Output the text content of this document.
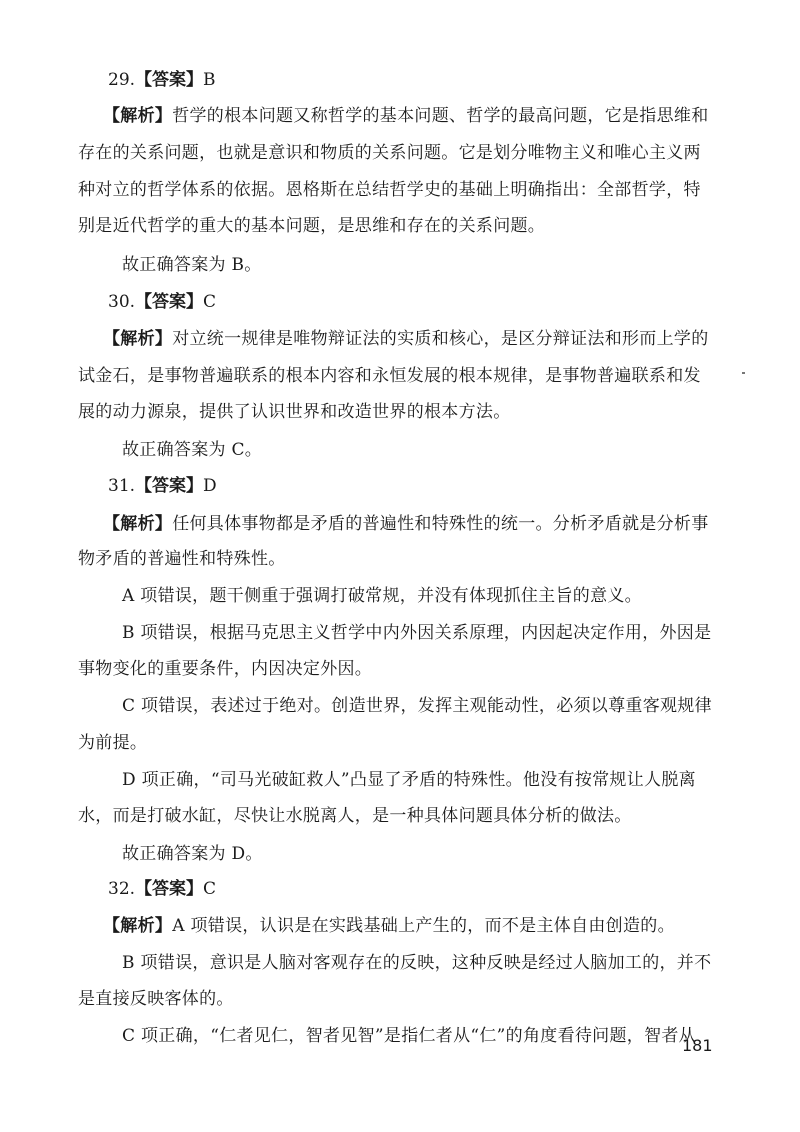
29.【答案】B
【解析】哲学的根本问题又称哲学的基本问题、哲学的最高问题，它是指思维和
存在的关系问题，也就是意识和物质的关系问题。它是划分唯物主义和唯心主义两
种对立的哲学体系的依据。恩格斯在总结哲学史的基础上明确指出：全部哲学，特
别是近代哲学的重大的基本问题，是思维和存在的关系问题。
故正确答案为 B。
30.【答案】C
【解析】对立统一规律是唯物辩证法的实质和核心，是区分辩证法和形而上学的
试金石，是事物普遍联系的根本内容和永恒发展的根本规律，是事物普遍联系和发
展的动力源泉，提供了认识世界和改造世界的根本方法。
故正确答案为 C。
31.【答案】D
【解析】任何具体事物都是矛盾的普遍性和特殊性的统一。分析矛盾就是分析事
物矛盾的普遍性和特殊性。
A 项错误，题干侧重于强调打破常规，并没有体现抓住主旨的意义。
B 项错误，根据马克思主义哲学中内外因关系原理，内因起决定作用，外因是
事物变化的重要条件，内因决定外因。
C 项错误，表述过于绝对。创造世界，发挥主观能动性，必须以尊重客观规律
为前提。
D 项正确，“司马光破缸救人”凸显了矛盾的特殊性。他没有按常规让人脱离
水，而是打破水缸，尽快让水脱离人，是一种具体问题具体分析的做法。
故正确答案为 D。
32.【答案】C
【解析】A 项错误，认识是在实践基础上产生的，而不是主体自由创造的。
B 项错误，意识是人脑对客观存在的反映，这种反映是经过人脑加工的，并不
是直接反映客体的。
C 项正确，“仁者见仁，智者见智”是指仁者从“仁”的角度看待问题，智者从
181
